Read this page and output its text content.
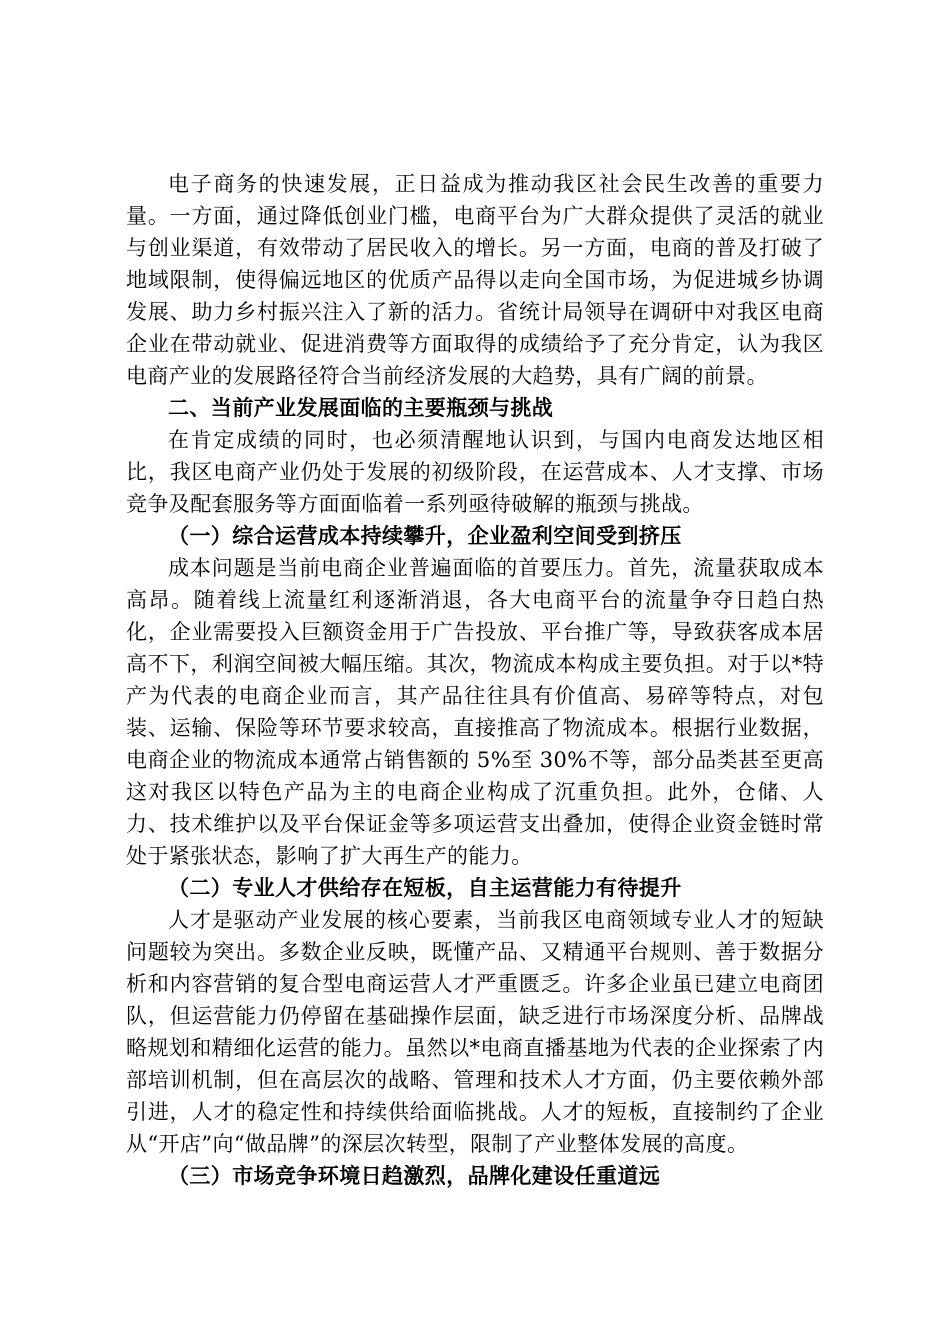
电子商务的快速发展，正日益成为推动我区社会民生改善的重要力量。一方面，通过降低创业门槛，电商平台为广大群众提供了灵活的就业与创业渠道，有效带动了居民收入的增长。另一方面，电商的普及打破了地域限制，使得偏远地区的优质产品得以走向全国市场，为促进城乡协调发展、助力乡村振兴注入了新的活力。省统计局领导在调研中对我区电商企业在带动就业、促进消费等方面取得的成绩给予了充分肯定，认为我区电商产业的发展路径符合当前经济发展的大趋势，具有广阔的前景。

二、当前产业发展面临的主要瓶颈与挑战

在肯定成绩的同时，也必须清醒地认识到，与国内电商发达地区相比，我区电商产业仍处于发展的初级阶段，在运营成本、人才支撑、市场竞争及配套服务等方面面临着一系列亟待破解的瓶颈与挑战。

（一）综合运营成本持续攀升，企业盈利空间受到挤压

成本问题是当前电商企业普遍面临的首要压力。首先，流量获取成本高昂。随着线上流量红利逐渐消退，各大电商平台的流量争夺日趋白热化，企业需要投入巨额资金用于广告投放、平台推广等，导致获客成本居高不下，利润空间被大幅压缩。其次，物流成本构成主要负担。对于以*特产为代表的电商企业而言，其产品往往具有价值高、易碎等特点，对包装、运输、保险等环节要求较高，直接推高了物流成本。根据行业数据，电商企业的物流成本通常占销售额的 5%至 30%不等，部分品类甚至更高这对我区以特色产品为主的电商企业构成了沉重负担。此外，仓储、人力、技术维护以及平台保证金等多项运营支出叠加，使得企业资金链时常处于紧张状态，影响了扩大再生产的能力。

（二）专业人才供给存在短板，自主运营能力有待提升

人才是驱动产业发展的核心要素，当前我区电商领域专业人才的短缺问题较为突出。多数企业反映，既懂产品、又精通平台规则、善于数据分析和内容营销的复合型电商运营人才严重匮乏。许多企业虽已建立电商团队，但运营能力仍停留在基础操作层面，缺乏进行市场深度分析、品牌战略规划和精细化运营的能力。虽然以*电商直播基地为代表的企业探索了内部培训机制，但在高层次的战略、管理和技术人才方面，仍主要依赖外部引进，人才的稳定性和持续供给面临挑战。人才的短板，直接制约了企业从“开店”向“做品牌”的深层次转型，限制了产业整体发展的高度。

（三）市场竞争环境日趋激烈，品牌化建设任重道远
